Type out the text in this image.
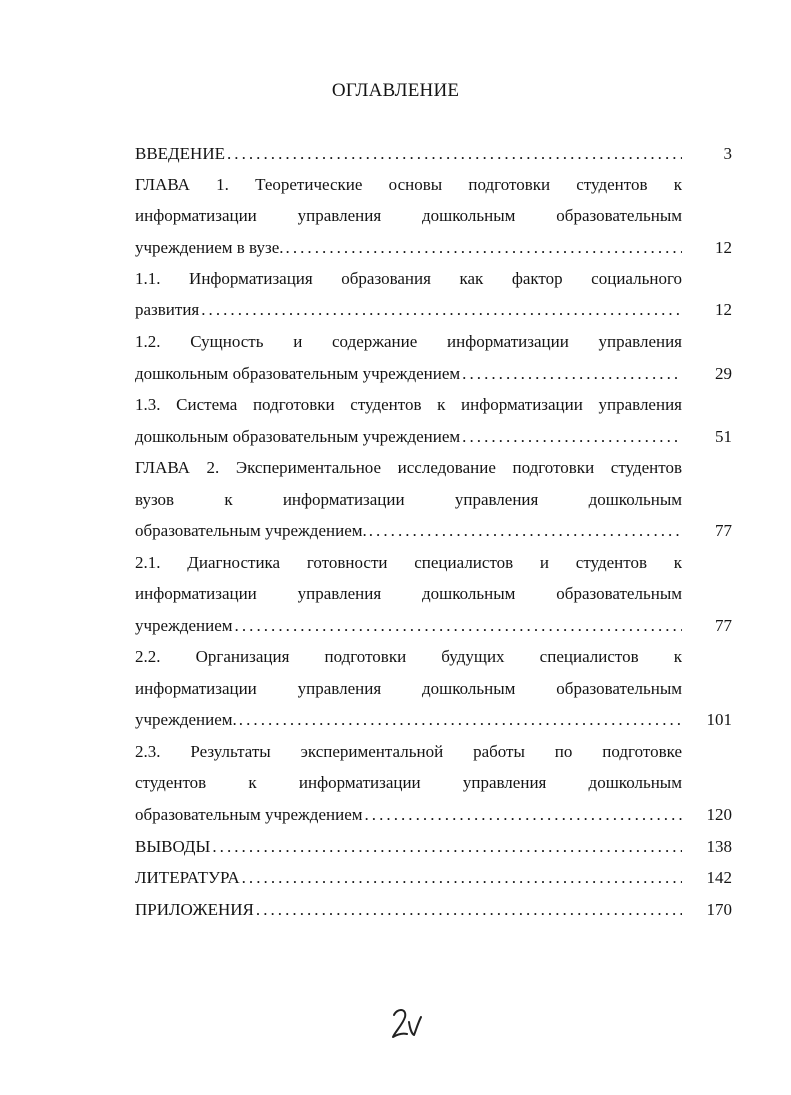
ОГЛАВЛЕНИЕ
3
ВВЕДЕНИЕ
. . .
ГЛАВА 1. Теоретические основы подготовки студентов к
информатизации управления дошкольным образовательным
12
учреждением в вузе.
. . .
1.1. Информатизация образования как фактор социального
12
развития
. . .
1.2. Сущность и содержание информатизации управления
29
дошкольным образовательным учреждением
. . .
1.3. Система подготовки студентов к информатизации управления
51
дошкольным образовательным учреждением
. . .
ГЛАВА 2. Экспериментальное исследование подготовки студентов
вузов к информатизации управления дошкольным
77
образовательным учреждением.
. . .
2.1. Диагностика готовности специалистов и студентов к
информатизации управления дошкольным образовательным
77
учреждением
. . .
2.2. Организация подготовки будущих специалистов к
информатизации управления дошкольным образовательным
101
учреждением.
. . .
2.3. Результаты экспериментальной работы по подготовке
студентов к информатизации управления дошкольным
120
образовательным учреждением
. . .
138
ВЫВОДЫ
. . .
142
ЛИТЕРАТУРА
. . .
170
ПРИЛОЖЕНИЯ
. . .
